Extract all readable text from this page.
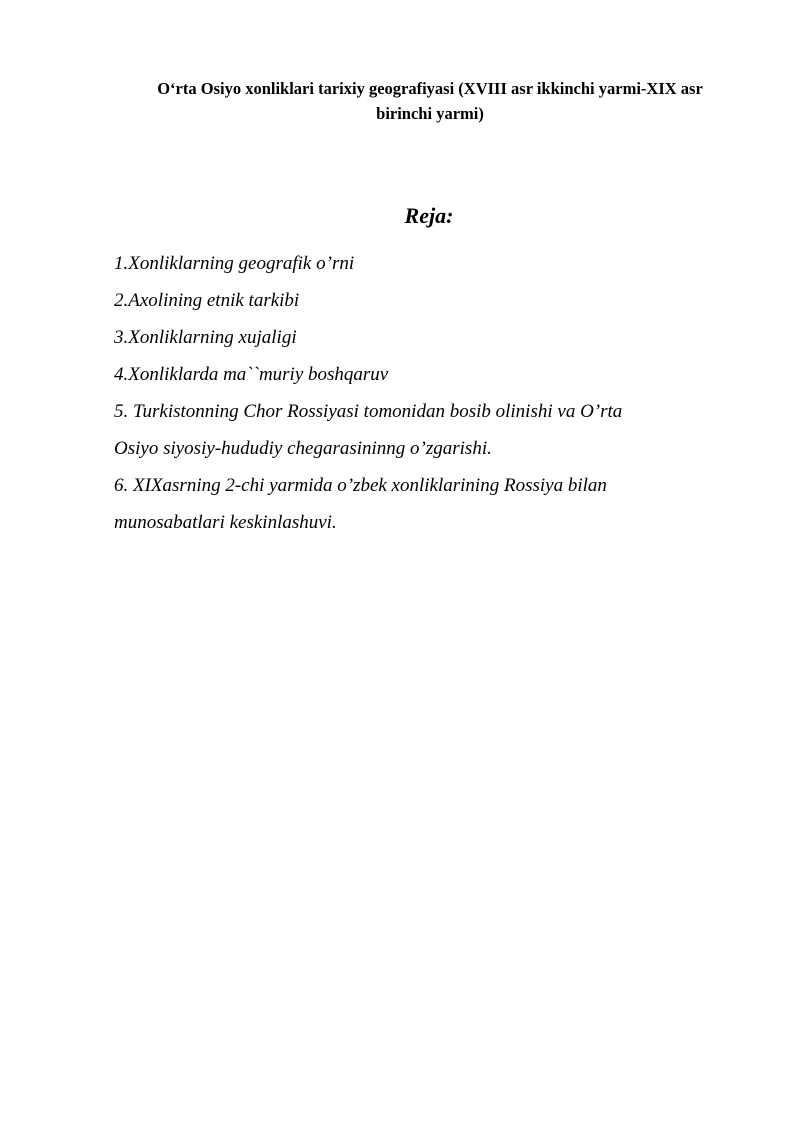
O‘rta Osiyo xonliklari tarixiy geografiyasi (XVIII asr ikkinchi yarmi-XIX asr
birinchi yarmi)
Reja:
1.Xonliklarning geografik o’rni
2.Axolining etnik tarkibi
3.Xonliklarning xujaligi
4.Xonliklarda ma``muriy boshqaruv
5. Turkistonning Chor Rossiyasi tomonidan bosib olinishi va O’rta
Osiyo siyosiy-hududiy chegarasininng o’zgarishi.
6. XIXasrning 2-chi yarmida o’zbek xonliklarining Rossiya bilan
munosabatlari keskinlashuvi.
